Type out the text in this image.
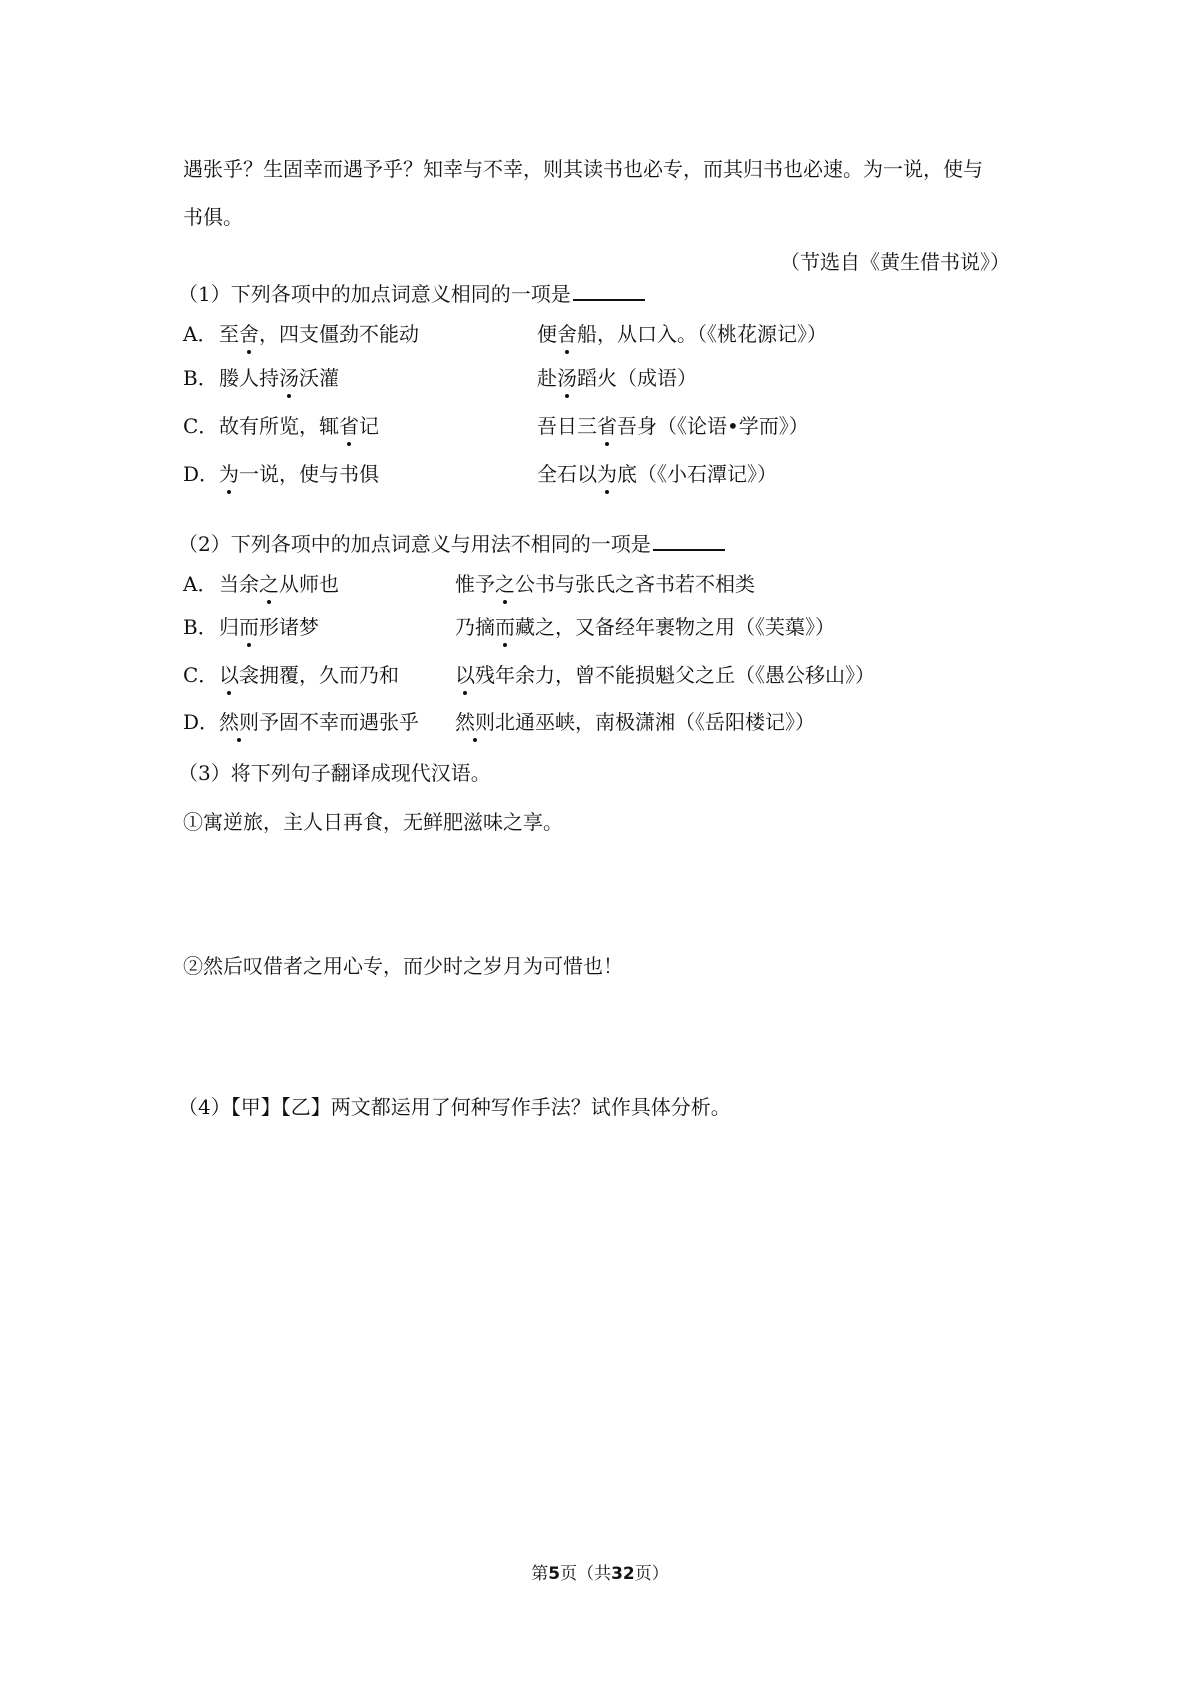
遇张乎？生固幸而遇予乎？知幸与不幸，则其读书也必专，而其归书也必速。为一说，使与
书俱。
（节选自《黄生借书说》）
（1）下列各项中的加点词意义相同的一项是
A． 至舍，四支僵劲不能动	便舍船，从口入。（《桃花源记》）
B． 媵人持汤沃灌	赴汤蹈火（成语）
C． 故有所览，辄省记	吾日三省吾身（《论语•学而》）
D． 为一说，使与书俱	全石以为底（《小石潭记》）
（2）下列各项中的加点词意义与用法不相同的一项是
A． 当余之从师也	惟予之公书与张氏之吝书若不相类
B． 归而形诸梦	乃摘而藏之，又备经年裹物之用（《芙蕖》）
C． 以衾拥覆，久而乃和	以残年余力，曾不能损魁父之丘（《愚公移山》）
D． 然则予固不幸而遇张乎	然则北通巫峡，南极潇湘（《岳阳楼记》）
（3）将下列句子翻译成现代汉语。
①寓逆旅，主人日再食，无鲜肥滋味之享。
②然后叹借者之用心专，而少时之岁月为可惜也！
（4）【甲】【乙】两文都运用了何种写作手法？试作具体分析。
第5页（共32页）
